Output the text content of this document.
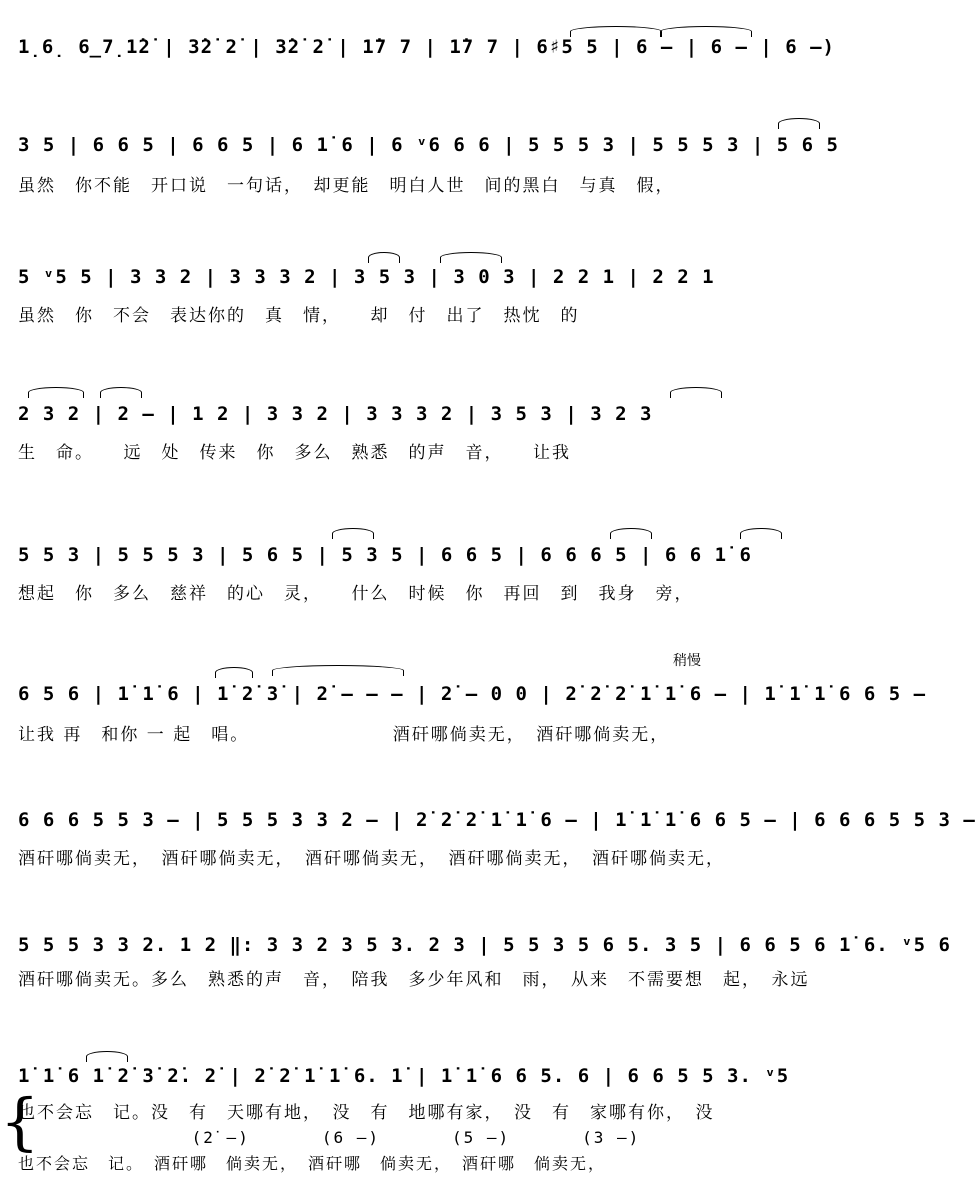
1̣6̣ 6̲7̣1̇2̇ | 3̇2̇ 2̇ | 3̇2̇ 2̇ | 1̇7 7 | 1̇7 7 | 6♯5 5 | 6 – | 6 – | 6 –)
3 5 | 6 6 5 | 6 6 5 | 6 1̇ 6 | 6 ᵛ6 6 6 | 5 5 5 3 | 5 5 5 3 | 5 6 5
虽然　你不能　开口说　一句话，　却更能　明白人世　间的黑白　与真　假，
5 ᵛ5 5 | 3 3 2 | 3 3 3 2 | 3 5 3 | 3 0 3 | 2 2 1 | 2 2 1
虽然　你　不会　表达你的　真　情，　　却　付　出了　热忱　的
2 3 2 | 2 – | 1 2 | 3 3 2 | 3 3 3 2 | 3 5 3 | 3 2 3
生　命。　　远　处　传来　你　多么　熟悉　的声　音，　　让我
5 5 3 | 5 5 5 3 | 5 6 5 | 5 3 5 | 6 6 5 | 6 6 6 5 | 6 6 1̇ 6
想起　你　多么　慈祥　的心　灵，　　什么　时候　你　再回　到　我身　旁，
稍慢
6 5 6 | 1̇ 1̇ 6 | 1̇ 2̇ 3̇ | 2̇ – – – | 2̇ – 0 0 | 2̇ 2̇ 2̇ 1̇ 1̇ 6 – | 1̇ 1̇ 1̇ 6 6 5 –
让我 再　和你 一 起　唱。　　　　　　　　酒矸哪倘卖无，　酒矸哪倘卖无，
6 6 6 5 5 3 – | 5 5 5 3 3 2 – | 2̇ 2̇ 2̇ 1̇ 1̇ 6 – | 1̇ 1̇ 1̇ 6 6 5 – | 6 6 6 5 5 3 –
酒矸哪倘卖无，　酒矸哪倘卖无，　酒矸哪倘卖无，　酒矸哪倘卖无，　酒矸哪倘卖无，
5 5 5 3 3 2. 1 2 ‖: 3 3 2 3 5 3. 2 3 | 5 5 3 5 6 5. 3 5 | 6 6 5 6 1̇ 6. ᵛ5 6
酒矸哪倘卖无。多么　熟悉的声　音，　陪我　多少年风和　雨，　从来　不需要想　起，　永远
1̇ 1̇ 6 1̇ 2̇ 3̇ 2̇. 2̇ | 2̇ 2̇ 1̇ 1̇ 6. 1̇ | 1̇ 1̇ 6 6 5. 6 | 6 6 5 5 3. ᵛ5
{
也不会忘　记。没　有　天哪有地，　没　有　地哪有家，　没　有　家哪有你，　没
(2̇ –)　　　　(6 –)　　　　(5 –)　　　　(3 –)
也不会忘　记。　酒矸哪　倘卖无，　酒矸哪　倘卖无，　酒矸哪　倘卖无，
